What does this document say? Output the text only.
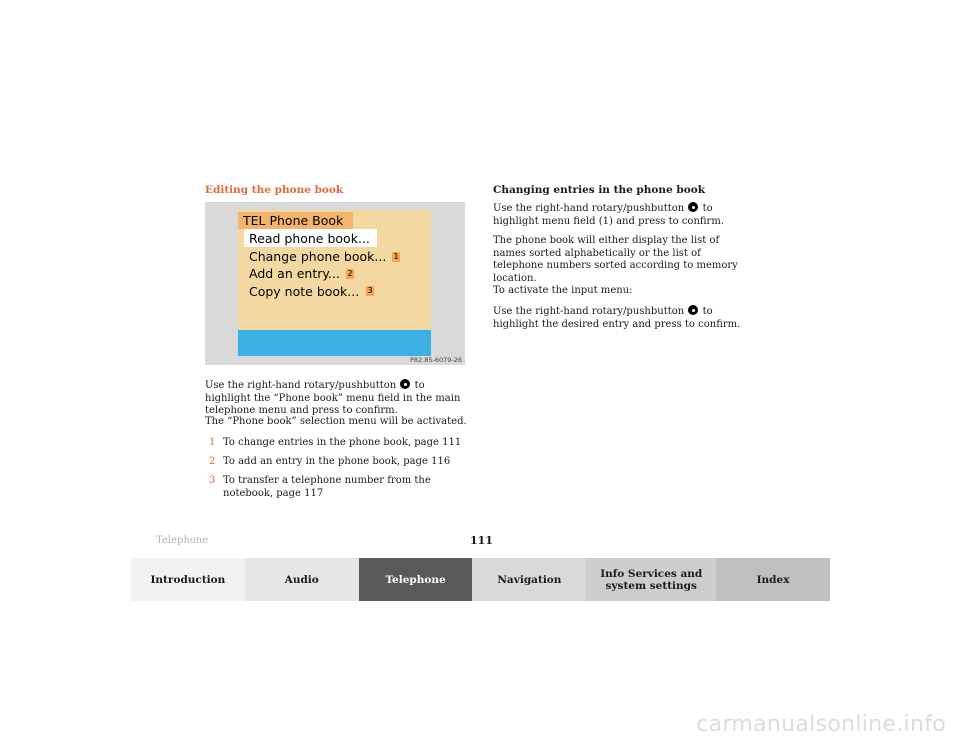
Editing the phone book
TEL Phone Book
Read phone book...
Change phone book...
Add an entry...
Copy note book...
1
2
3
P82.85-6079-26
Use the right-hand rotary/pushbutton to highlight the “Phone book” menu field in the main telephone menu and press to confirm.
The “Phone book” selection menu will be activated.
1 To change entries in the phone book, page 111
2 To add an entry in the phone book, page 116
3 To transfer a telephone number from the notebook, page 117
Changing entries in the phone book
Use the right-hand rotary/pushbutton to highlight menu field (1) and press to confirm.
The phone book will either display the list of names sorted alphabetically or the list of telephone numbers sorted according to memory location.
To activate the input menu:
Use the right-hand rotary/pushbutton to highlight the desired entry and press to confirm.
Telephone	111
Introduction	Audio	Telephone	Navigation	Info Services and system settings	Index
carmanualsonline.info
